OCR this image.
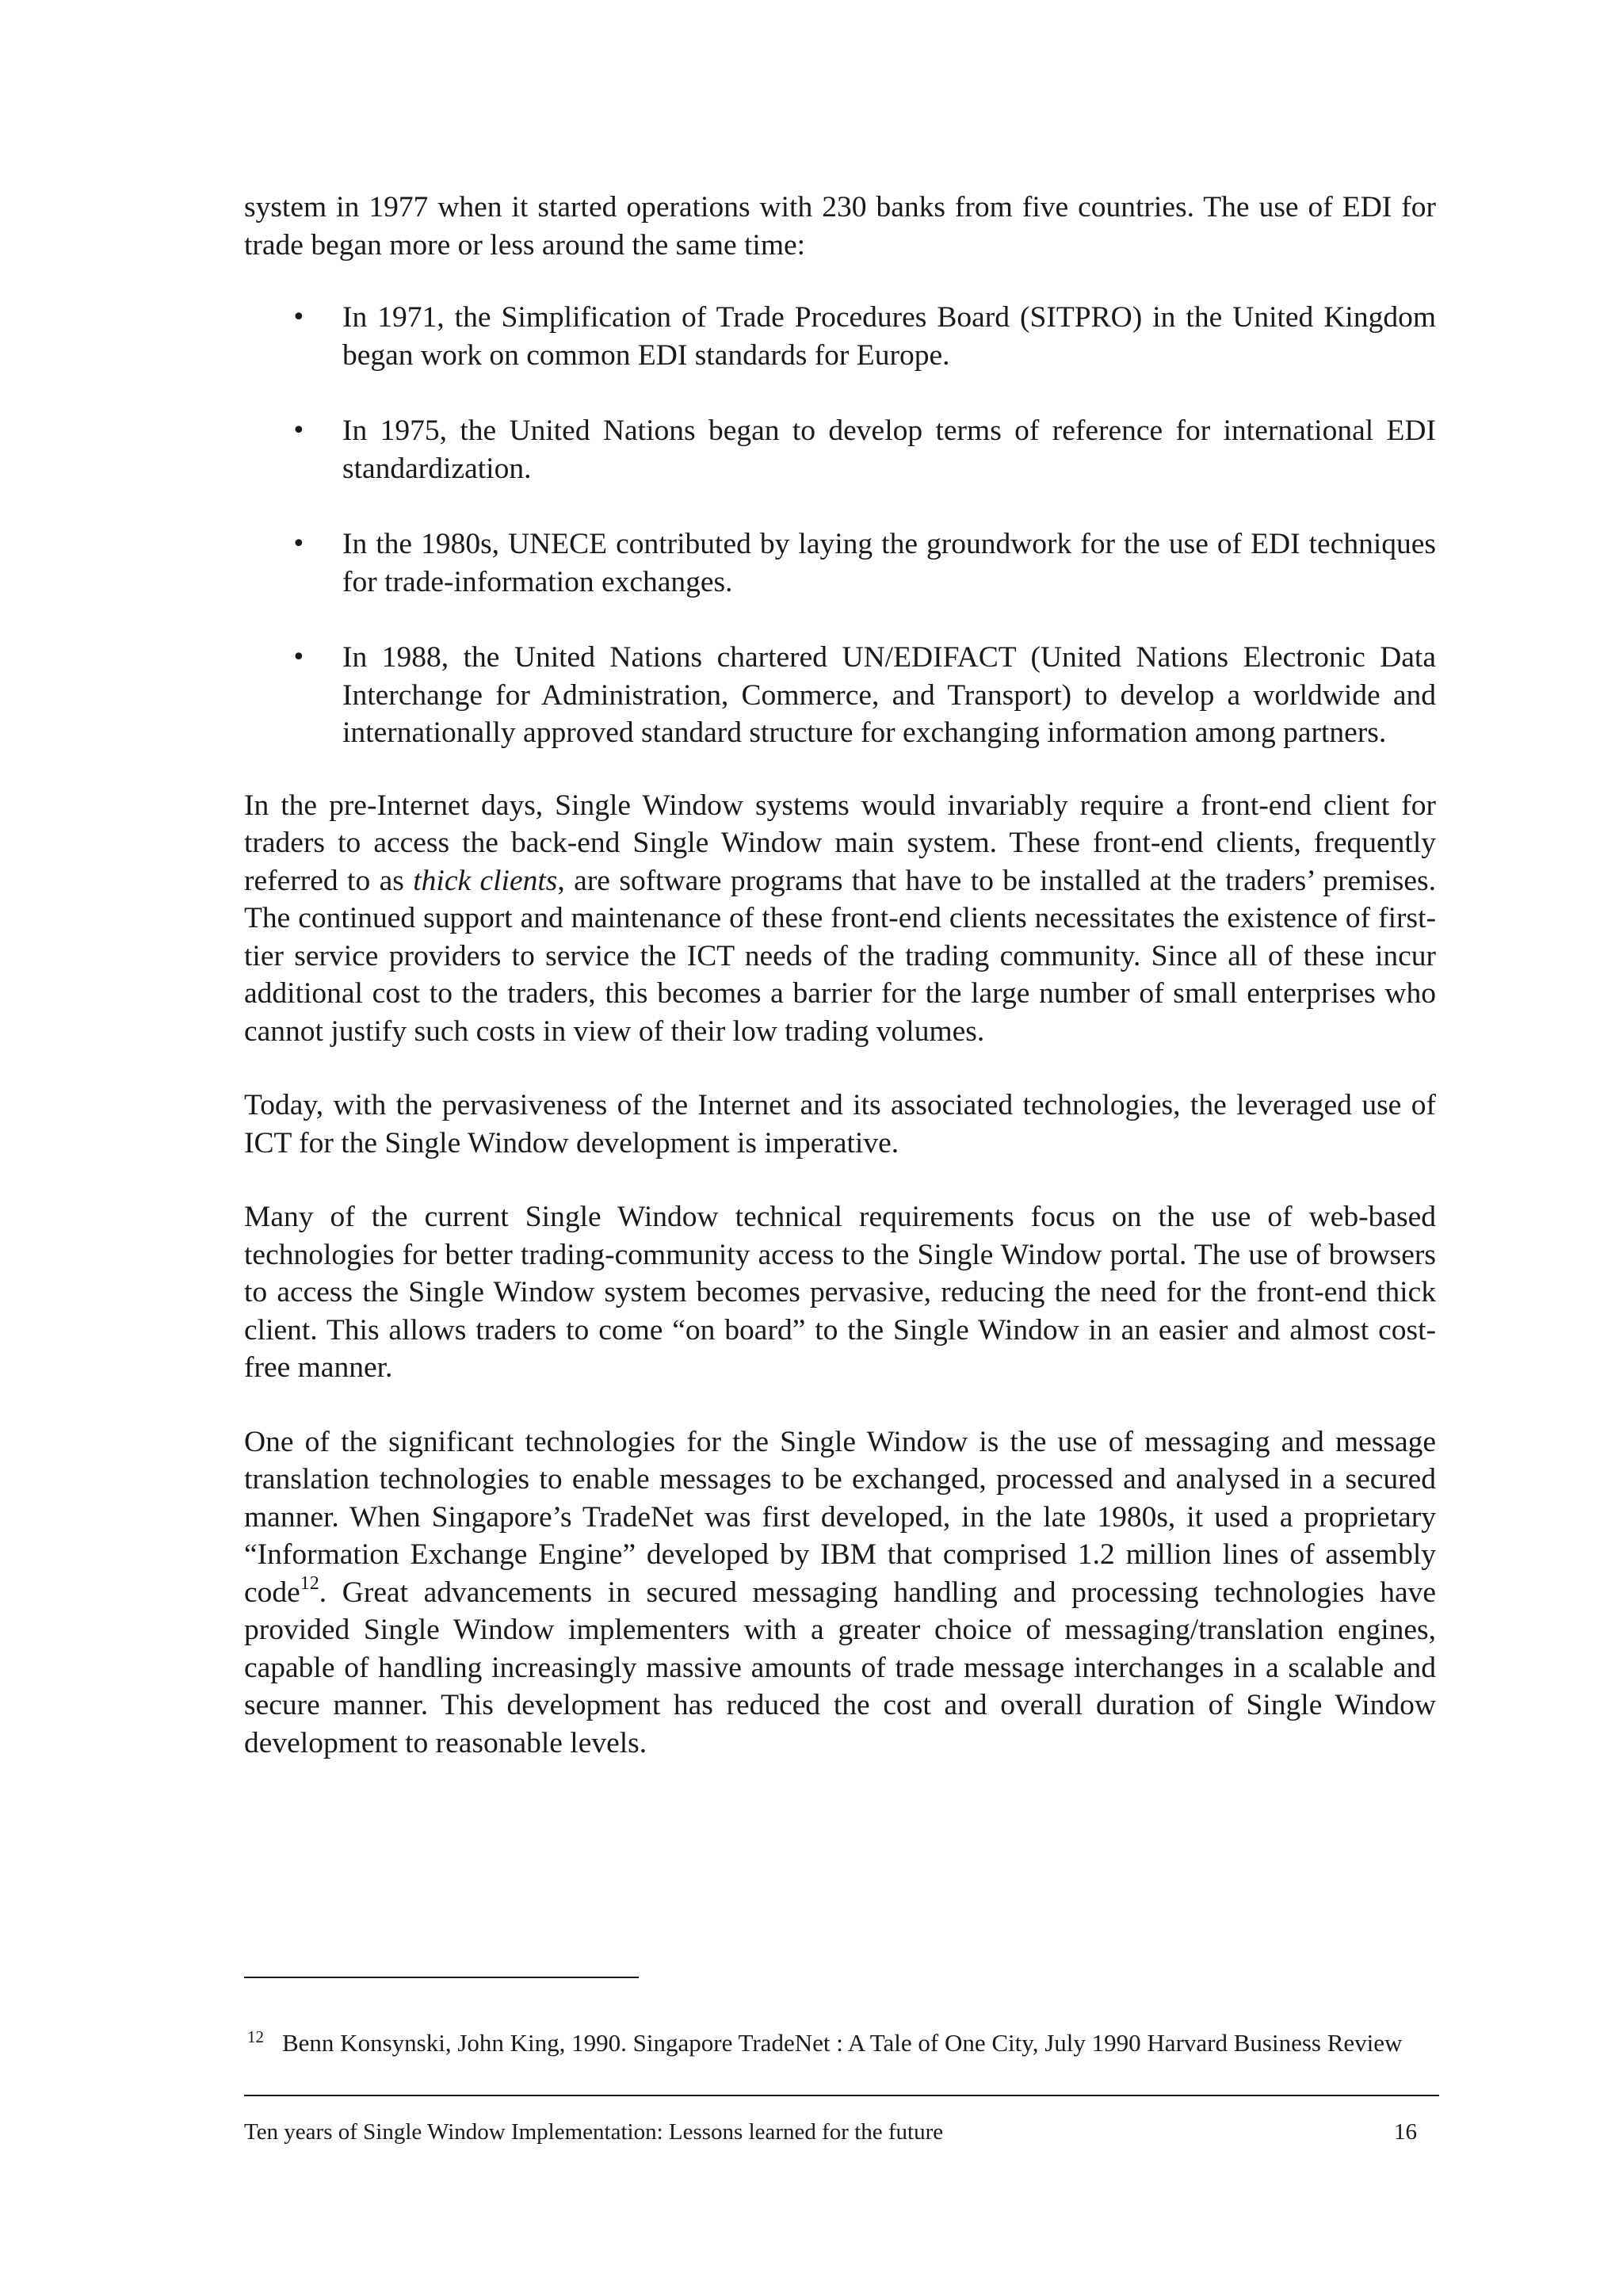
system in 1977 when it started operations with 230 banks from five countries. The use of EDI for trade began more or less around the same time:

• In 1971, the Simplification of Trade Procedures Board (SITPRO) in the United Kingdom began work on common EDI standards for Europe.
• In 1975, the United Nations began to develop terms of reference for international EDI standardization.
• In the 1980s, UNECE contributed by laying the groundwork for the use of EDI techniques for trade-information exchanges.
• In 1988, the United Nations chartered UN/EDIFACT (United Nations Electronic Data Interchange for Administration, Commerce, and Transport) to develop a worldwide and internationally approved standard structure for exchanging information among partners.

In the pre-Internet days, Single Window systems would invariably require a front-end client for traders to access the back-end Single Window main system. These front-end clients, frequently referred to as thick clients, are software programs that have to be installed at the traders’ premises. The continued support and maintenance of these front-end clients necessitates the existence of first-tier service providers to service the ICT needs of the trading community. Since all of these incur additional cost to the traders, this becomes a barrier for the large number of small enterprises who cannot justify such costs in view of their low trading volumes.

Today, with the pervasiveness of the Internet and its associated technologies, the leveraged use of ICT for the Single Window development is imperative.

Many of the current Single Window technical requirements focus on the use of web-based technologies for better trading-community access to the Single Window portal. The use of browsers to access the Single Window system becomes pervasive, reducing the need for the front-end thick client. This allows traders to come “on board” to the Single Window in an easier and almost cost-free manner.

One of the significant technologies for the Single Window is the use of messaging and message translation technologies to enable messages to be exchanged, processed and analysed in a secured manner. When Singapore’s TradeNet was first developed, in the late 1980s, it used a proprietary “Information Exchange Engine” developed by IBM that comprised 1.2 million lines of assembly code$^{12}$. Great advancements in secured messaging handling and processing technologies have provided Single Window implementers with a greater choice of messaging/translation engines, capable of handling increasingly massive amounts of trade message interchanges in a scalable and secure manner. This development has reduced the cost and overall duration of Single Window development to reasonable levels.

12 Benn Konsynski, John King, 1990. Singapore TradeNet : A Tale of One City, July 1990 Harvard Business Review
Ten years of Single Window Implementation: Lessons learned for the future	16
